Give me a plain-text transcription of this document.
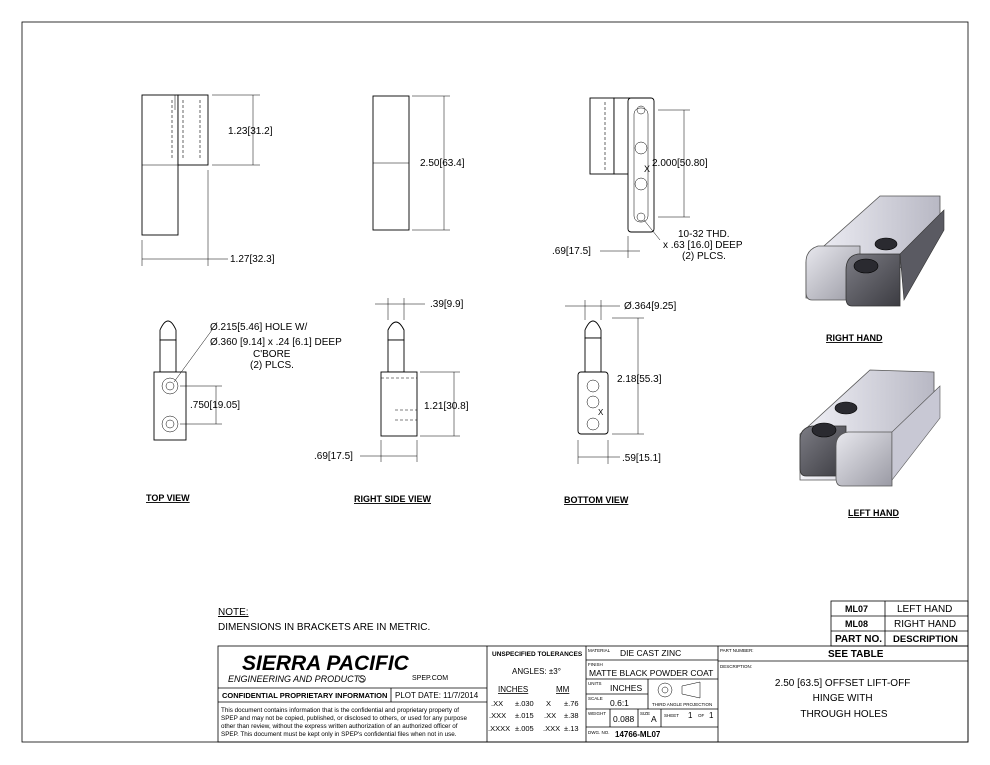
1.23[31.2]
1.27[32.3]
2.50[63.4]	X 2.000[50.80]
.69[17.5]
10-32 THD. x .63 [16.0] DEEP (2) PLCS.
Ø.215[5.46] HOLE W/ Ø.360 [9.14] x .24 [6.1] DEEP C'BORE (2) PLCS.
.750[19.05]
TOP VIEW
.39[9.9]
1.21[30.8]
.69[17.5]
RIGHT SIDE VIEW
X
Ø.364[9.25]
2.18[55.3]
.59[15.1]
BOTTOM VIEW
RIGHT HAND
LEFT HAND
NOTE:
DIMENSIONS IN BRACKETS ARE IN METRIC.
ML07	LEFT HAND
ML08	RIGHT HAND
PART NO. DESCRIPTION
SIERRA PACIFIC
ENGINEERING AND PRODUCTS	SPEP.COM
CONFIDENTIAL PROPRIETARY INFORMATION PLOT DATE: 11/7/2014
This document contains information that is the confidential and proprietary property of SPEP and may not be copied, published, or disclosed to others, or used for any purpose other than review, without the express written authorization of an authorized officer of SPEP. This document must be kept only in SPEP's confidential files when not in use.
UNSPECIFIED TOLERANCES
ANGLES: ±3°
INCHES	MM
.XX ±.030 X ±.76
.XXX ±.015 .XX ±.38
.XXXX ±.005 .XXX ±.13
MATERIAL DIE CAST ZINC
FINISH
MATTE BLACK POWDER COAT
UNITS INCHES
SCALE 0.6:1	THIRD ANGLE PROJECTION
WEIGHT
0.088
SIZE
A SHEET 1 OF 1
DWG. NO. 14766-ML07
PART NUMBER:	SEE TABLE
DESCRIPTION:
2.50 [63.5] OFFSET LIFT-OFF HINGE WITH THROUGH HOLES
